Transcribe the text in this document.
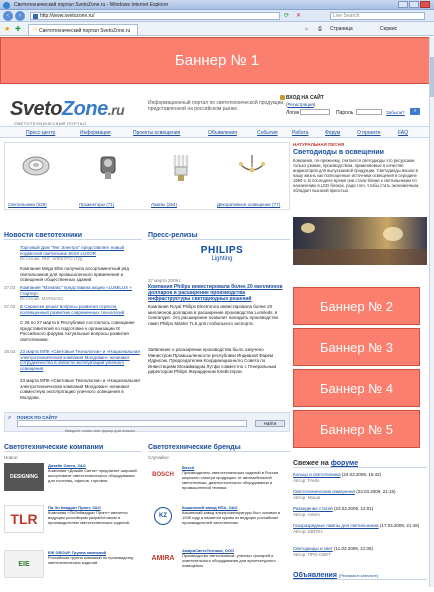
Светотехнический портал SvetoZone.ru - Windows Internet Explorer
‹	›	http://www.svetozone.ru/	⟳ ✕	Live Search
★ ✚ ☆ Светотехнический портал SvetoZone.ru	⌂ ⎙ Страница	Сервис
Баннер № 1
SvetoZone.ru
СВЕТОТЕХНИЧЕСКИЙ ПОРТАЛ
Информационный портал по светотехнической продукции, представленной на российском рынке.
ВХОД НА САЙТ
(Регистрация)
Логин	Пароль	Забыли?	»
Пресс-центр	Информация	Проекты освещения	Объявления	События	Работа	Форум	О проекте	FAQ
Светильники (529)	Прожекторы (71)	Лампы (254)	Декоративное освещение (77)
НАТУРАЛЬНАЯ ПЕСНЯ
Светодиоды в освещении
Компания, по-прежнему, считается светодиоды это ресурсами только узкими, производством, применяемые в качестве индикаторов для выпускаемой продукции. Светодиоды вошли в нашу жизнь как полноценные источники освещения в середине 1990-х. В последнее время они стали ближе к светильникам по назначению в LED-блоках, ради того, чтобы стать экономичным, обладает высокой яркостью.
Баннер № 2
Баннер № 3
Баннер № 4
Баннер № 5
Новости светотехники
Торговый Дом "Янг Электро" представляет новый подвесной светильник JESS LUXOR
Источник: ЯНГ ЭЛЕКТРО (ТД)
Компания Mega Elite получила ассортиментный ряд светильников для промышленного применения и освещения общественных зданий.
27.03	Компания "Мэгмакс" представила акцию «LUMILUX + стартер»
Источник: МЭГМАКС
27.03	В Саранске решат вопросы развития отрасли, посвященный развитию современных технологий
С 26 по 27 марта в Республике состоялось совещание представителей по подготовке к организации IX Российского форума Актуальные вопросы развития светотехники.
26.03	23 марта МПК «Световые Технологии» и «Национальная электротехническая компания Молдован» начинают сотрудничество в области эксплуатации уличного освещения
23 марта МПК «Световые Технологии» и «Национальная электротехническая компания Молдован» начинают совместную эксплуатацию уличного освещения в Молдове.
Пресс-релизы
PHILIPS
Lighting
27 марта 2009 г.
Компания Philips инвестировала более 20 миллионов долларов в расширение производства инфраструктуры светодиодных решений
Компания Royal Philips Electronics инвестировала более 20 миллионов долларов в расширение производства Lumileds, в Сингапуре. Это расширение позволит наладить производство ламп Philips Master TL5 для глобального экспорта.
Заявление о расширении производства было озвучено Министром Промышленности республики Индианой Фарем Идрисом, Председателем Координационного Совета по Инвестициям Мохаммадом Лутфи совместно с Генеральным директором Philips Жерарденом Клейстерли.
⌕ ПОИСК ПО САЙТУ
Найти
Введите слово или фразу для поиска
Светотехнические компании
Новое:
DESIGNING
Дизайн Света, ЗАО
Компания «Дизайн Света» предлагает широкий ассортимент светотехнического оборудования для гостиниц, офисов, торговли.
TLR
Пи Эл Квадрат Принт, ЗАО
Компания «ПиЭлКвадрат Принт» является ведущим российским разработчиком и производителем светотехнических изделий.
EIE
EIE GROUP, Группа компаний
Российская группа компаний по производству светотехнических изделий.
Светотехнические бренды
Случайно:
BOSCH
Bosch
Производитель светотехнических изделий в России широкого спектра продукции: от автомобильной светотехники, диагностического оборудования и промышленной техники.
KZ
Кашинский завод НПА, ОАО
Кашинский завод электроаппаратуры был основан в 1935 году и является одним из ведущих российских производителей светотехники.
AMIRA
АмираСветоТехника, ООО
Производство светильников, уличных фонарей и осветительного оборудования для архитектурного освещения.
Свежее на форуме
Кольцо и светотехника (24.03.2009, 16:42)
Автор: Fredo
Светотехнические измерения (23.03.2009, 21:15)
Автор: Миша
Разведение статей (23.03.2009, 12:01)
Автор: Artem
Газоразрядные лампы для светильников (17.03.2009, 21:49)
Автор: ЕВГЕН
Светодиоды и свет (11.03.2009, 21:06)
Автор: ПРО-СВЕТ
Объявления (Реклама в каталоге)
